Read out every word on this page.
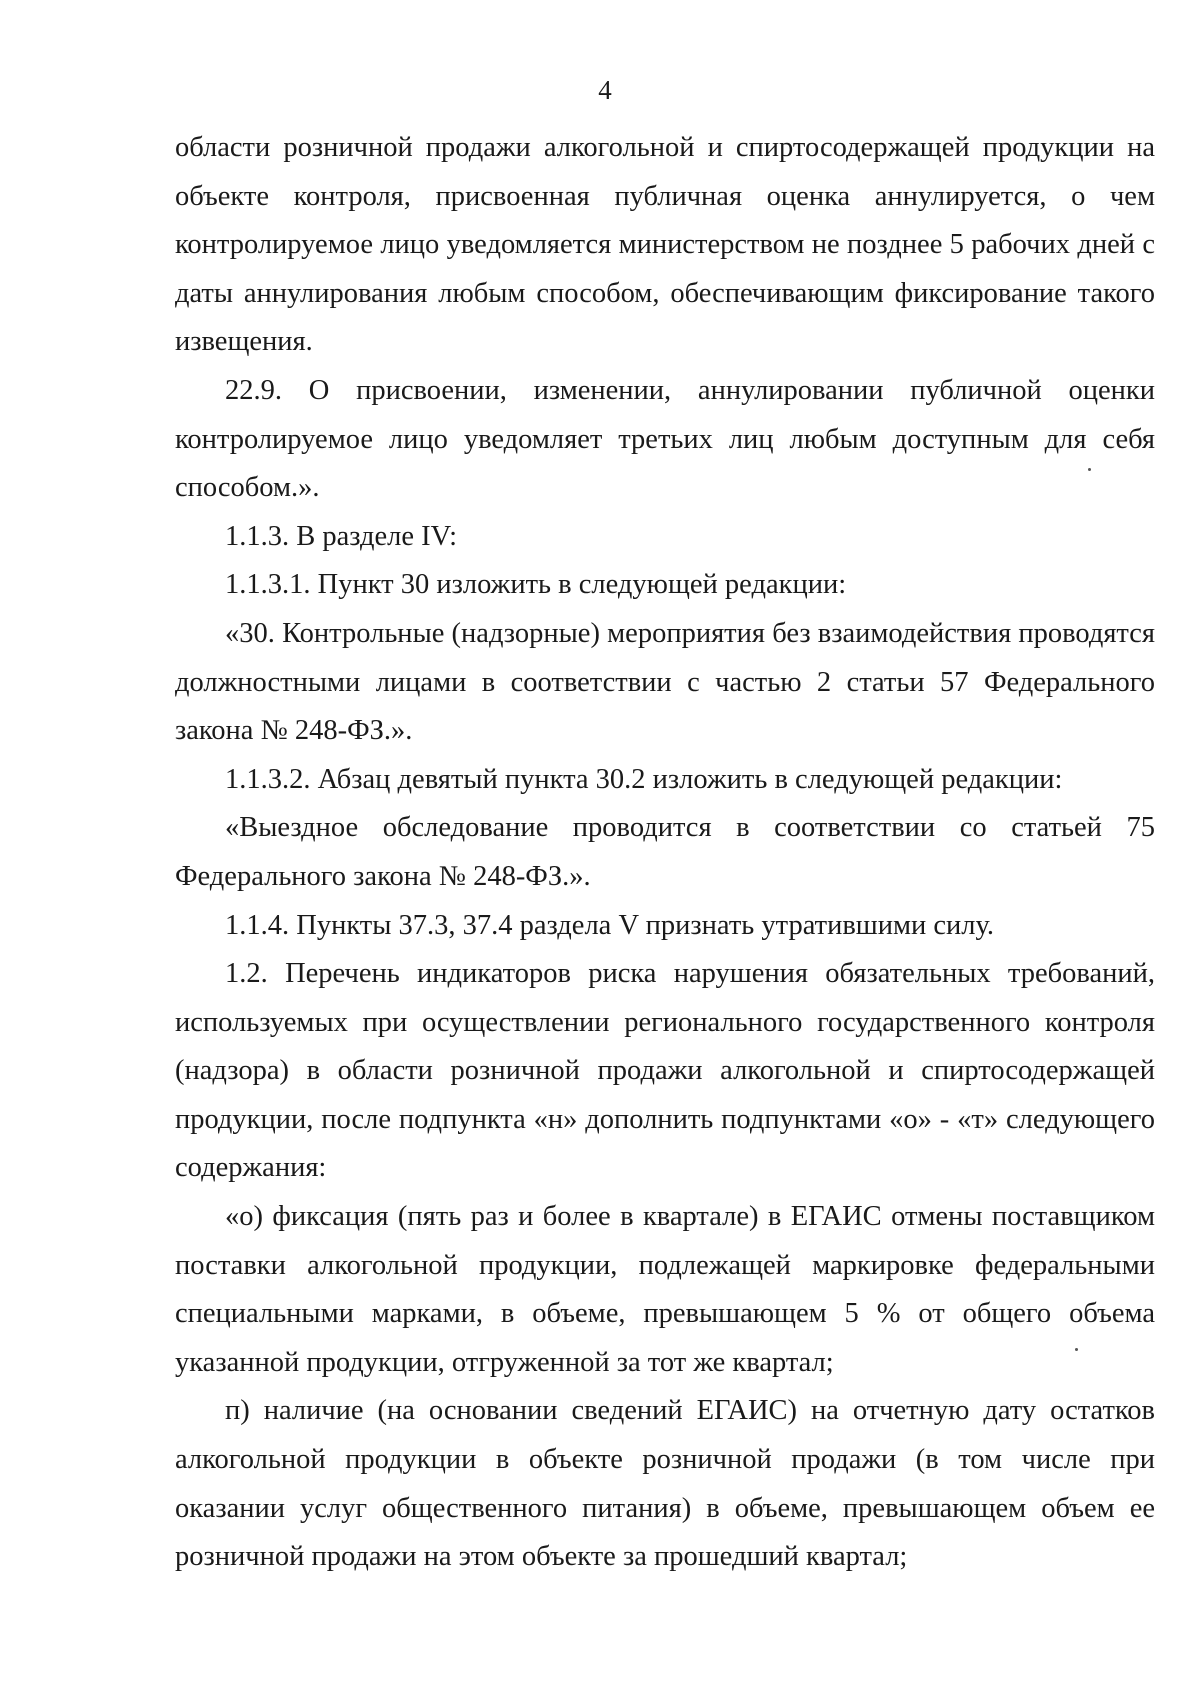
4

области розничной продажи алкогольной и спиртосодержащей продукции на объекте контроля, присвоенная публичная оценка аннулируется, о чем контролируемое лицо уведомляется министерством не позднее 5 рабочих дней с даты аннулирования любым способом, обеспечивающим фиксирование такого извещения.

22.9. О присвоении, изменении, аннулировании публичной оценки контролируемое лицо уведомляет третьих лиц любым доступным для себя способом.».

1.1.3. В разделе IV:

1.1.3.1. Пункт 30 изложить в следующей редакции:

«30. Контрольные (надзорные) мероприятия без взаимодействия проводятся должностными лицами в соответствии с частью 2 статьи 57 Федерального закона № 248-ФЗ.».

1.1.3.2. Абзац девятый пункта 30.2 изложить в следующей редакции:

«Выездное обследование проводится в соответствии со статьей 75 Федерального закона № 248-ФЗ.».

1.1.4. Пункты 37.3, 37.4 раздела V признать утратившими силу.

1.2. Перечень индикаторов риска нарушения обязательных требований, используемых при осуществлении регионального государственного контроля (надзора) в области розничной продажи алкогольной и спиртосодержащей продукции, после подпункта «н» дополнить подпунктами «о» - «т» следующего содержания:

«о) фиксация (пять раз и более в квартале) в ЕГАИС отмены поставщиком поставки алкогольной продукции, подлежащей маркировке федеральными специальными марками, в объеме, превышающем 5 % от общего объема указанной продукции, отгруженной за тот же квартал;

п) наличие (на основании сведений ЕГАИС) на отчетную дату остатков алкогольной продукции в объекте розничной продажи (в том числе при оказании услуг общественного питания) в объеме, превышающем объем ее розничной продажи на этом объекте за прошедший квартал;
